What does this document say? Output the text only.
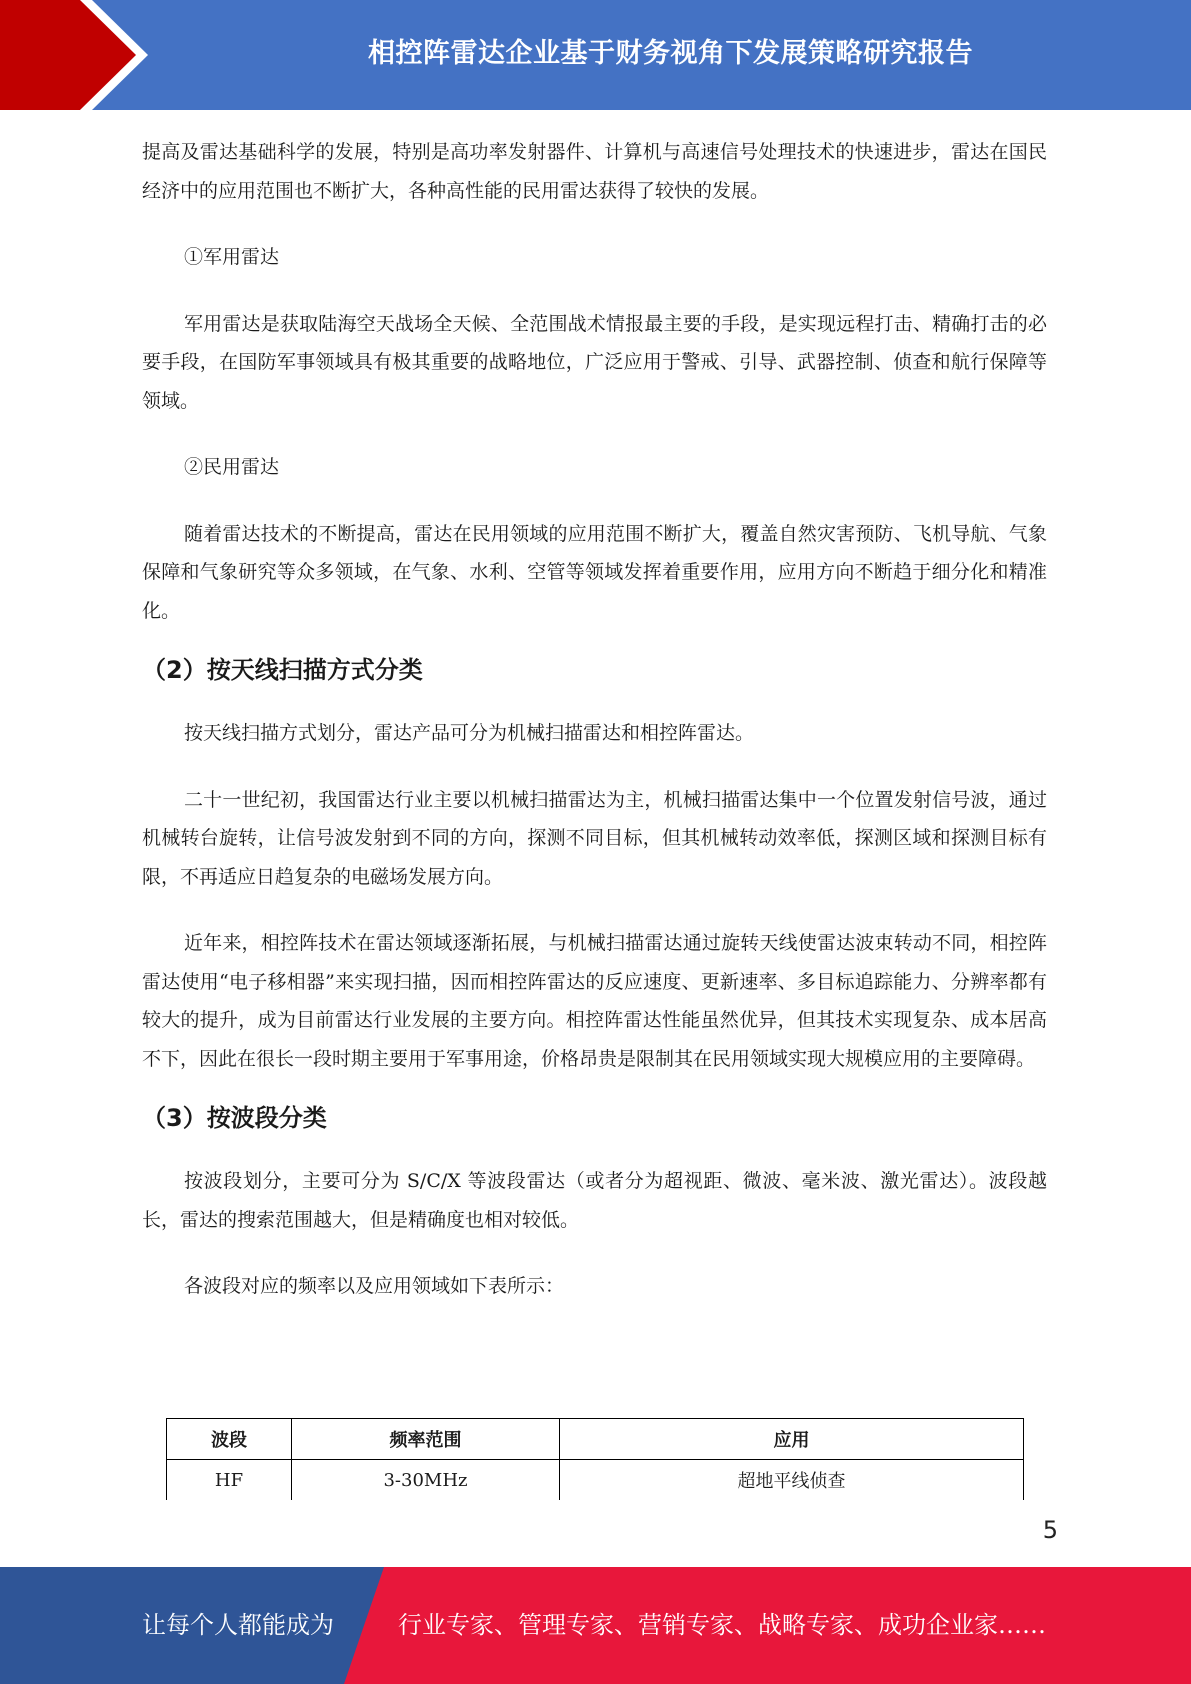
相控阵雷达企业基于财务视角下发展策略研究报告

提高及雷达基础科学的发展，特别是高功率发射器件、计算机与高速信号处理技术的快速进步，雷达在国民经济中的应用范围也不断扩大，各种高性能的民用雷达获得了较快的发展。

①军用雷达

军用雷达是获取陆海空天战场全天候、全范围战术情报最主要的手段，是实现远程打击、精确打击的必要手段，在国防军事领域具有极其重要的战略地位，广泛应用于警戒、引导、武器控制、侦查和航行保障等领域。

②民用雷达

随着雷达技术的不断提高，雷达在民用领域的应用范围不断扩大，覆盖自然灾害预防、飞机导航、气象保障和气象研究等众多领域，在气象、水利、空管等领域发挥着重要作用，应用方向不断趋于细分化和精准化。

（2）按天线扫描方式分类

按天线扫描方式划分，雷达产品可分为机械扫描雷达和相控阵雷达。

二十一世纪初，我国雷达行业主要以机械扫描雷达为主，机械扫描雷达集中一个位置发射信号波，通过机械转台旋转，让信号波发射到不同的方向，探测不同目标，但其机械转动效率低，探测区域和探测目标有限，不再适应日趋复杂的电磁场发展方向。

近年来，相控阵技术在雷达领域逐渐拓展，与机械扫描雷达通过旋转天线使雷达波束转动不同，相控阵雷达使用“电子移相器”来实现扫描，因而相控阵雷达的反应速度、更新速率、多目标追踪能力、分辨率都有较大的提升，成为目前雷达行业发展的主要方向。相控阵雷达性能虽然优异，但其技术实现复杂、成本居高不下，因此在很长一段时期主要用于军事用途，价格昂贵是限制其在民用领域实现大规模应用的主要障碍。

（3）按波段分类

按波段划分，主要可分为 S/C/X 等波段雷达（或者分为超视距、微波、毫米波、激光雷达）。波段越长，雷达的搜索范围越大，但是精确度也相对较低。

各波段对应的频率以及应用领域如下表所示：

波段	频率范围	应用
HF	3-30MHz	超地平线侦查
5
让每个人都能成为	行业专家、管理专家、营销专家、战略专家、成功企业家……
